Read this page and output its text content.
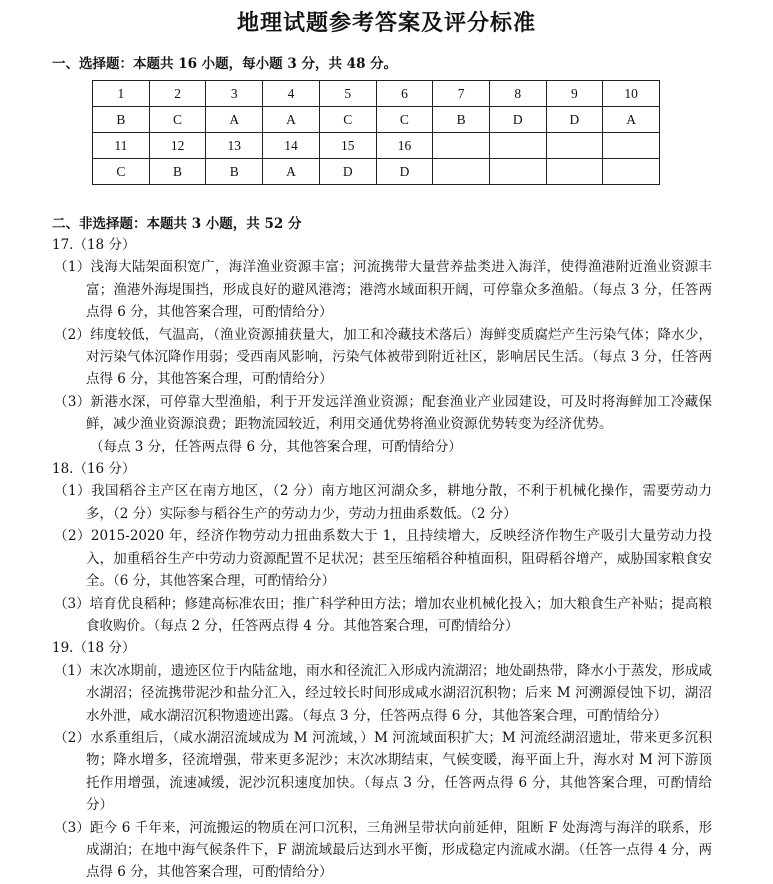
地理试题参考答案及评分标准
一、选择题：本题共 16 小题，每小题 3 分，共 48 分。
1	2	3	4	5	6	7	8	9	10
B	C	A	A	C	C	B	D	D	A
11	12	13	14	15	16				
C	B	B	A	D	D				
二、非选择题：本题共 3 小题，共 52 分

17.（18 分）

（1）浅海大陆架面积宽广，海洋渔业资源丰富；河流携带大量营养盐类进入海洋，使得渔港附近渔业资源丰富；渔港外海堤围挡，形成良好的避风港湾；港湾水域面积开阔，可停靠众多渔船。（每点 3 分，任答两点得 6 分，其他答案合理，可酌情给分）

（2）纬度较低，气温高，（渔业资源捕获量大，加工和冷藏技术落后）海鲜变质腐烂产生污染气体；降水少，对污染气体沉降作用弱；受西南风影响，污染气体被带到附近社区，影响居民生活。（每点 3 分，任答两点得 6 分，其他答案合理，可酌情给分）

（3）新港水深，可停靠大型渔船，利于开发远洋渔业资源；配套渔业产业园建设，可及时将海鲜加工冷藏保鲜，减少渔业资源浪费；距物流园较近，利用交通优势将渔业资源优势转变为经济优势。

（每点 3 分，任答两点得 6 分，其他答案合理，可酌情给分）

18.（16 分）

（1）我国稻谷主产区在南方地区，（2 分）南方地区河湖众多，耕地分散，不利于机械化操作，需要劳动力多，（2 分）实际参与稻谷生产的劳动力少，劳动力扭曲系数低。（2 分）

（2）2015-2020 年，经济作物劳动力扭曲系数大于 1，且持续增大，反映经济作物生产吸引大量劳动力投入，加重稻谷生产中劳动力资源配置不足状况；甚至压缩稻谷种植面积，阻碍稻谷增产，威胁国家粮食安全。（6 分，其他答案合理，可酌情给分）

（3）培育优良稻种；修建高标准农田；推广科学种田方法；增加农业机械化投入；加大粮食生产补贴；提高粮食收购价。（每点 2 分，任答两点得 4 分。其他答案合理，可酌情给分）

19.（18 分）

（1）末次冰期前，遗迹区位于内陆盆地，雨水和径流汇入形成内流湖沼；地处副热带，降水小于蒸发，形成咸水湖沼；径流携带泥沙和盐分汇入，经过较长时间形成咸水湖沼沉积物；后来 M 河溯源侵蚀下切，湖沼水外泄，咸水湖沼沉积物遗迹出露。（每点 3 分，任答两点得 6 分，其他答案合理，可酌情给分）

（2）水系重组后，（咸水湖沼流域成为 M 河流域，）M 河流域面积扩大；M 河流经湖沼遗址，带来更多沉积物；降水增多，径流增强，带来更多泥沙；末次冰期结束，气候变暖，海平面上升，海水对 M 河下游顶托作用增强，流速减缓，泥沙沉积速度加快。（每点 3 分，任答两点得 6 分，其他答案合理，可酌情给分）

（3）距今 6 千年来，河流搬运的物质在河口沉积，三角洲呈带状向前延伸，阻断 F 处海湾与海洋的联系，形成湖泊；在地中海气候条件下，F 湖流域最后达到水平衡，形成稳定内流咸水湖。（任答一点得 4 分，两点得 6 分，其他答案合理，可酌情给分）
